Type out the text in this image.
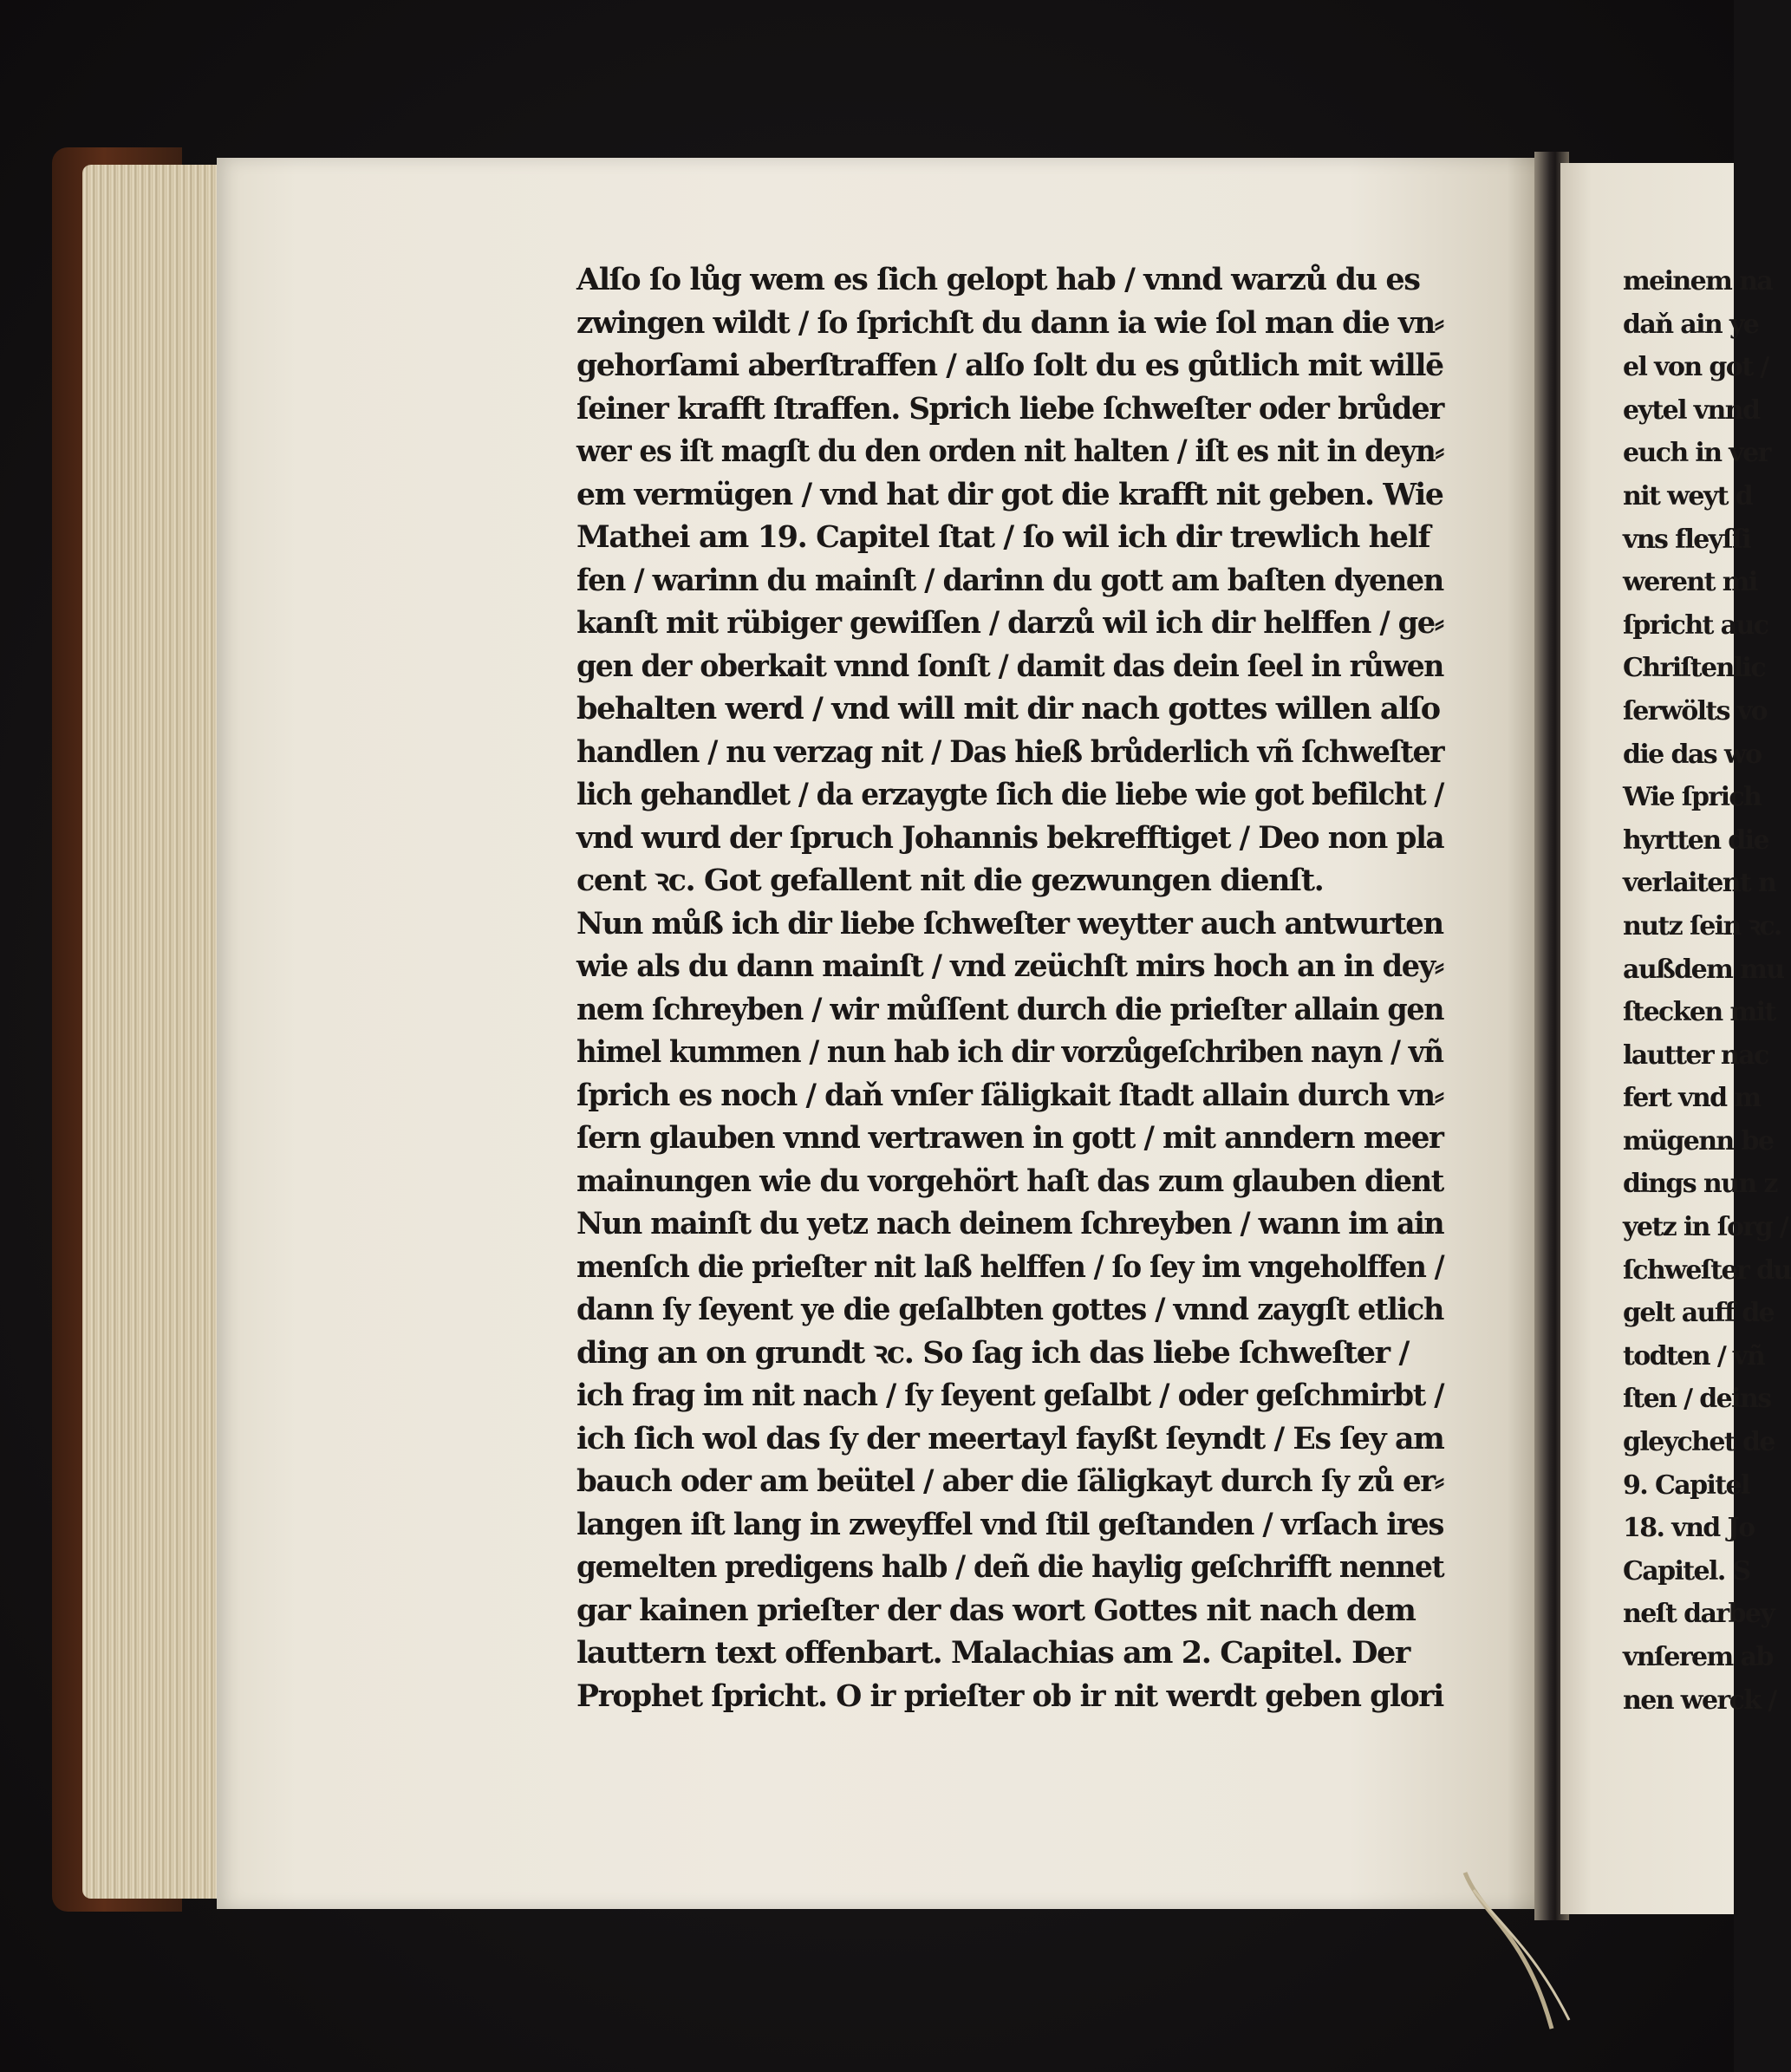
Alſo ſo lůg wem es ſich gelopt hab / vnnd warzů du es
zwingen wildt / ſo ſprichſt du dann ia wie ſol man die vn⸗
gehorſami aberſtraffen / alſo ſolt du es gůtlich mit willē
ſeiner krafft ſtraffen. Sprich liebe ſchweſter oder brůder
wer es iſt magſt du den orden nit halten / iſt es nit in deyn⸗
em vermügen / vnd hat dir got die krafft nit geben. Wie
Mathei am 19. Capitel ſtat / ſo wil ich dir trewlich helf
fen / warinn du mainſt / darinn du gott am baſten dyenen
kanſt mit rübiger gewiſſen / darzů wil ich dir helffen / ge⸗
gen der oberkait vnnd ſonſt / damit das dein ſeel in růwen
behalten werd / vnd will mit dir nach gottes willen alſo
handlen / nu verzag nit / Das hieß brůderlich vñ ſchweſter
lich gehandlet / da erzaygte ſich die liebe wie got befilcht /
vnd wurd der ſpruch Johannis bekrefftiget / Deo non pla
cent ꝛc. Got gefallent nit die gezwungen dienſt.
Nun můß ich dir liebe ſchweſter weytter auch antwurten
wie als du dann mainſt / vnd zeüchſt mirs hoch an in dey⸗
nem ſchreyben / wir můſſent durch die prieſter allain gen
himel kummen / nun hab ich dir vorzůgeſchriben nayn / vñ
ſprich es noch / daň vnſer ſäligkait ſtadt allain durch vn⸗
ſern glauben vnnd vertrawen in gott / mit anndern meer
mainungen wie du vorgehört haſt das zum glauben dient
Nun mainſt du yetz nach deinem ſchreyben / wann im ain
menſch die prieſter nit laß helffen / ſo ſey im vngeholffen /
dann ſy ſeyent ye die geſalbten gottes / vnnd zaygſt etlich
ding an on grundt ꝛc. So ſag ich das liebe ſchweſter /
ich frag im nit nach / ſy ſeyent geſalbt / oder geſchmirbt /
ich ſich wol das ſy der meertayl fayßt ſeyndt / Es ſey am
bauch oder am beütel / aber die ſäligkayt durch ſy zů er⸗
langen iſt lang in zweyffel vnd ſtil geſtanden / vrſach ires
gemelten predigens halb / deñ die haylig geſchrifft nennet
gar kainen prieſter der das wort Gottes nit nach dem
lauttern text offenbart. Malachias am 2. Capitel. Der
Prophet ſpricht. O ir prieſter ob ir nit werdt geben glori
meinem na
daň ain ye
el von got /
eytel vnnd
euch in ver
nit weyt d
vns fleyſſi
werent mi
ſpricht auc
Chriſtenlic
ſerwölts vo
die das wo
Wie ſprich
hyrtten die
verlaitent n
nutz ſein ꝛc.
außdem mu
ſtecken mit
lautter nac
fert vnd m
mügenn be
dings nun z
yetz in ſorg /
ſchweſter du
gelt auff de
todten / vñ
ſten / deins
gleychet de
9. Capitel
18. vnd Jo
Capitel. S
neſt darbey
vnſerem ab
nen werck /
